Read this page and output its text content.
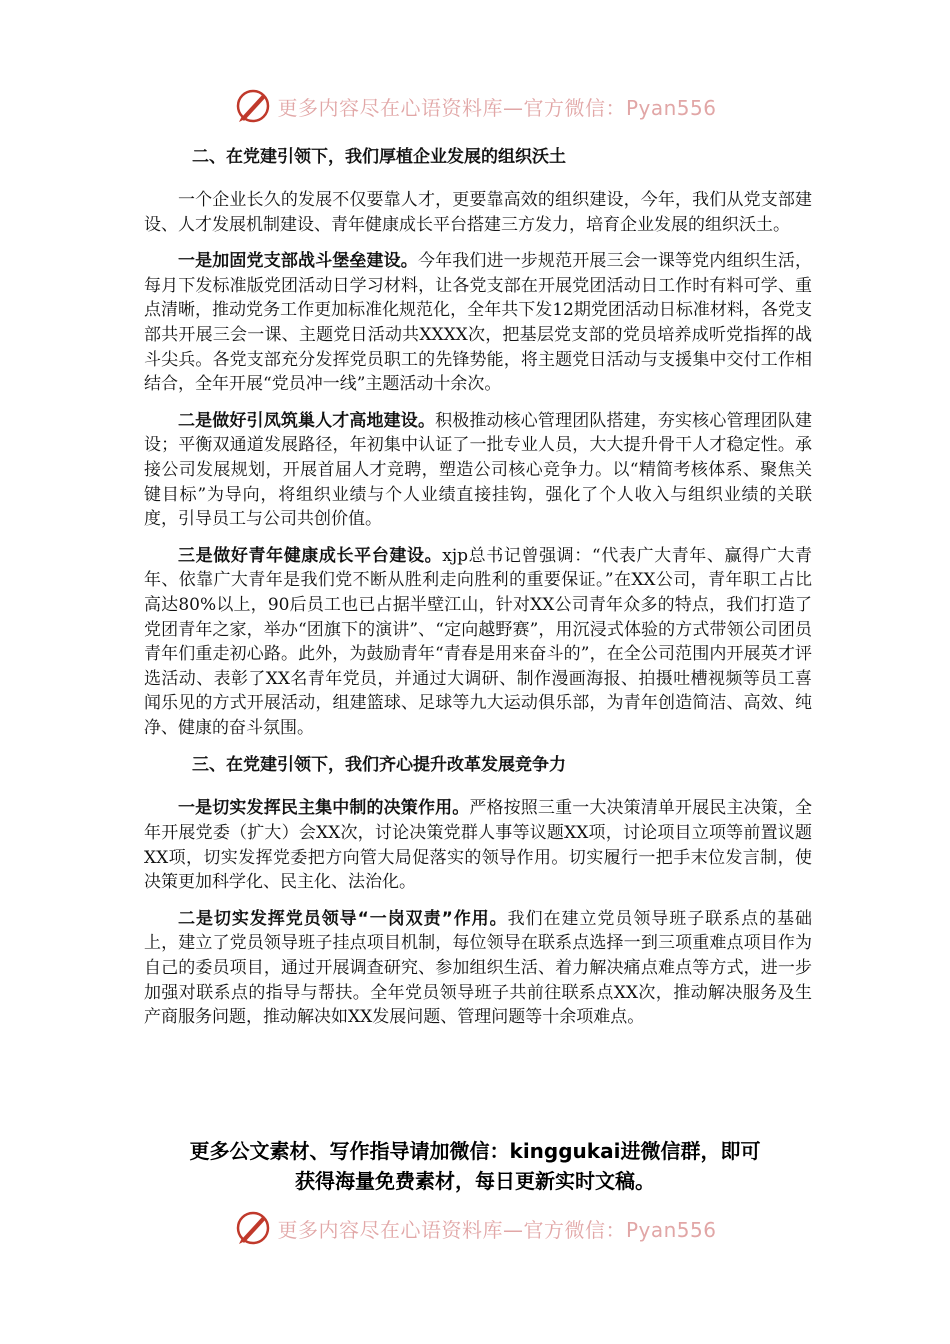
更多内容尽在心语资料库—官方微信：Pyan556
二、在党建引领下，我们厚植企业发展的组织沃土

一个企业长久的发展不仅要靠人才，更要靠高效的组织建设，今年，我们从党支部建设、人才发展机制建设、青年健康成长平台搭建三方发力，培育企业发展的组织沃土。

一是加固党支部战斗堡垒建设。今年我们进一步规范开展三会一课等党内组织生活，每月下发标准版党团活动日学习材料，让各党支部在开展党团活动日工作时有料可学、重点清晰，推动党务工作更加标准化规范化，全年共下发12期党团活动日标准材料，各党支部共开展三会一课、主题党日活动共XXXX次，把基层党支部的党员培养成听党指挥的战斗尖兵。各党支部充分发挥党员职工的先锋势能，将主题党日活动与支援集中交付工作相结合，全年开展“党员冲一线”主题活动十余次。

二是做好引凤筑巢人才高地建设。积极推动核心管理团队搭建，夯实核心管理团队建设；平衡双通道发展路径，年初集中认证了一批专业人员，大大提升骨干人才稳定性。承接公司发展规划，开展首届人才竞聘，塑造公司核心竞争力。以“精简考核体系、聚焦关键目标”为导向，将组织业绩与个人业绩直接挂钩，强化了个人收入与组织业绩的关联度，引导员工与公司共创价值。

三是做好青年健康成长平台建设。xjp总书记曾强调：“代表广大青年、赢得广大青年、依靠广大青年是我们党不断从胜利走向胜利的重要保证。”在XX公司，青年职工占比高达80%以上，90后员工也已占据半壁江山，针对XX公司青年众多的特点，我们打造了党团青年之家，举办“团旗下的演讲”、“定向越野赛”，用沉浸式体验的方式带领公司团员青年们重走初心路。此外，为鼓励青年“青春是用来奋斗的”，在全公司范围内开展英才评选活动、表彰了XX名青年党员，并通过大调研、制作漫画海报、拍摄吐槽视频等员工喜闻乐见的方式开展活动，组建篮球、足球等九大运动俱乐部，为青年创造简洁、高效、纯净、健康的奋斗氛围。

三、在党建引领下，我们齐心提升改革发展竞争力

一是切实发挥民主集中制的决策作用。严格按照三重一大决策清单开展民主决策，全年开展党委（扩大）会XX次，讨论决策党群人事等议题XX项，讨论项目立项等前置议题XX项，切实发挥党委把方向管大局促落实的领导作用。切实履行一把手末位发言制，使决策更加科学化、民主化、法治化。

二是切实发挥党员领导“一岗双责”作用。我们在建立党员领导班子联系点的基础上，建立了党员领导班子挂点项目机制，每位领导在联系点选择一到三项重难点项目作为自己的委员项目，通过开展调查研究、参加组织生活、着力解决痛点难点等方式，进一步加强对联系点的指导与帮扶。全年党员领导班子共前往联系点XX次，推动解决服务及生产商服务问题，推动解决如XX发展问题、管理问题等十余项难点。

更多公文素材、写作指导请加微信：kinggukai进微信群，即可
获得海量免费素材，每日更新实时文稿。
更多内容尽在心语资料库—官方微信：Pyan556
